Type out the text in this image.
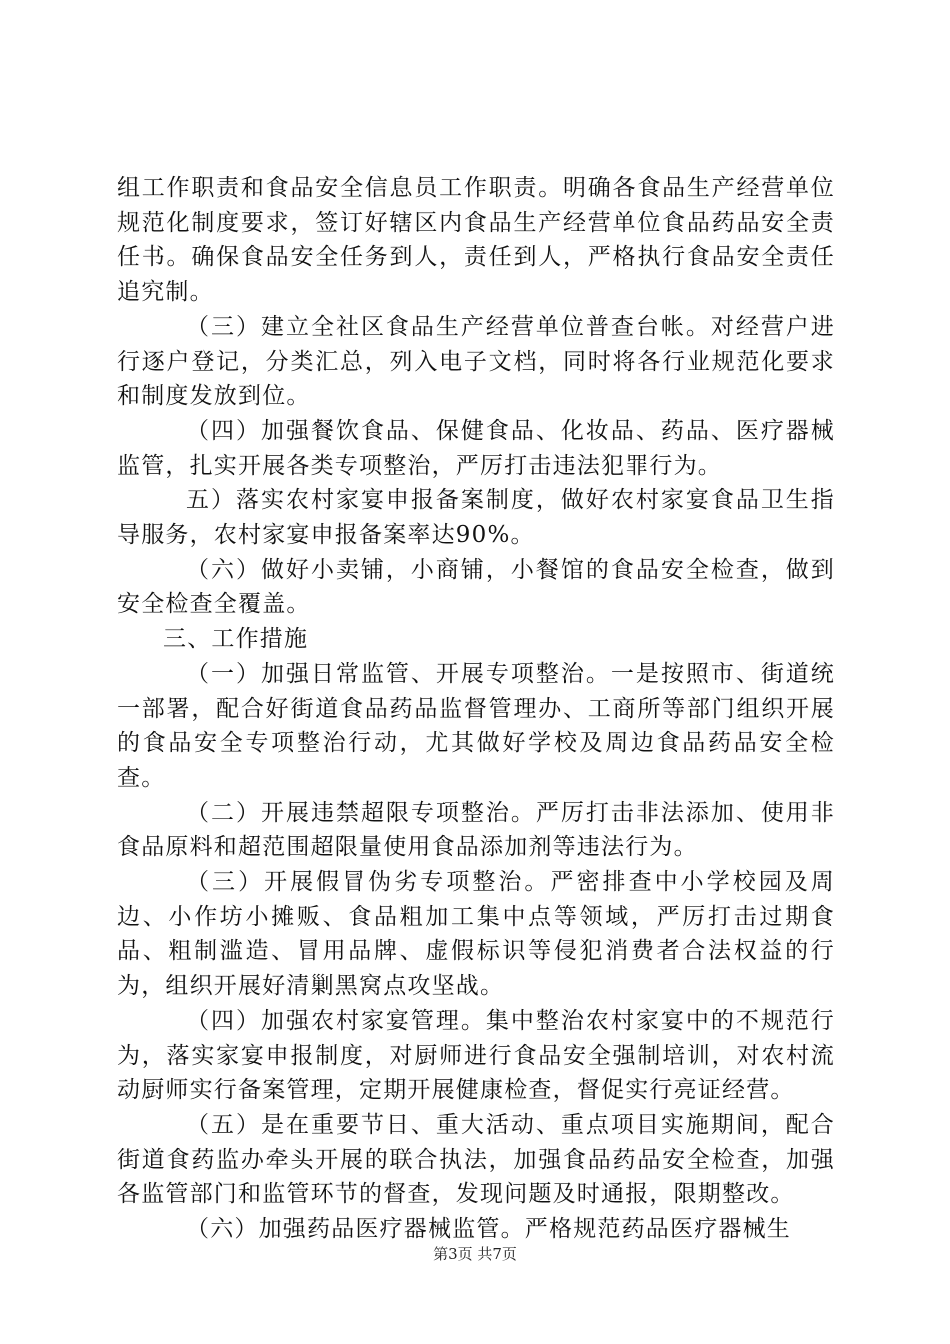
组工作职责和食品安全信息员工作职责。明确各食品生产经营单位规范化制度要求，签订好辖区内食品生产经营单位食品药品安全责任书。确保食品安全任务到人，责任到人，严格执行食品安全责任追究制。

（三）建立全社区食品生产经营单位普查台帐。对经营户进行逐户登记，分类汇总，列入电子文档，同时将各行业规范化要求和制度发放到位。

（四）加强餐饮食品、保健食品、化妆品、药品、医疗器械监管，扎实开展各类专项整治，严厉打击违法犯罪行为。

五）落实农村家宴申报备案制度，做好农村家宴食品卫生指导服务，农村家宴申报备案率达90%。

（六）做好小卖铺，小商铺，小餐馆的食品安全检查，做到安全检查全覆盖。

三、工作措施

（一）加强日常监管、开展专项整治。一是按照市、街道统一部署，配合好街道食品药品监督管理办、工商所等部门组织开展的食品安全专项整治行动，尤其做好学校及周边食品药品安全检查。

（二）开展违禁超限专项整治。严厉打击非法添加、使用非食品原料和超范围超限量使用食品添加剂等违法行为。

（三）开展假冒伪劣专项整治。严密排查中小学校园及周边、小作坊小摊贩、食品粗加工集中点等领域，严厉打击过期食品、粗制滥造、冒用品牌、虚假标识等侵犯消费者合法权益的行为，组织开展好清剿黑窝点攻坚战。

（四）加强农村家宴管理。集中整治农村家宴中的不规范行为，落实家宴申报制度，对厨师进行食品安全强制培训，对农村流动厨师实行备案管理，定期开展健康检查，督促实行亮证经营。

（五）是在重要节日、重大活动、重点项目实施期间，配合街道食药监办牵头开展的联合执法，加强食品药品安全检查，加强各监管部门和监管环节的督查，发现问题及时通报，限期整改。

（六）加强药品医疗器械监管。严格规范药品医疗器械生

第3页 共7页
